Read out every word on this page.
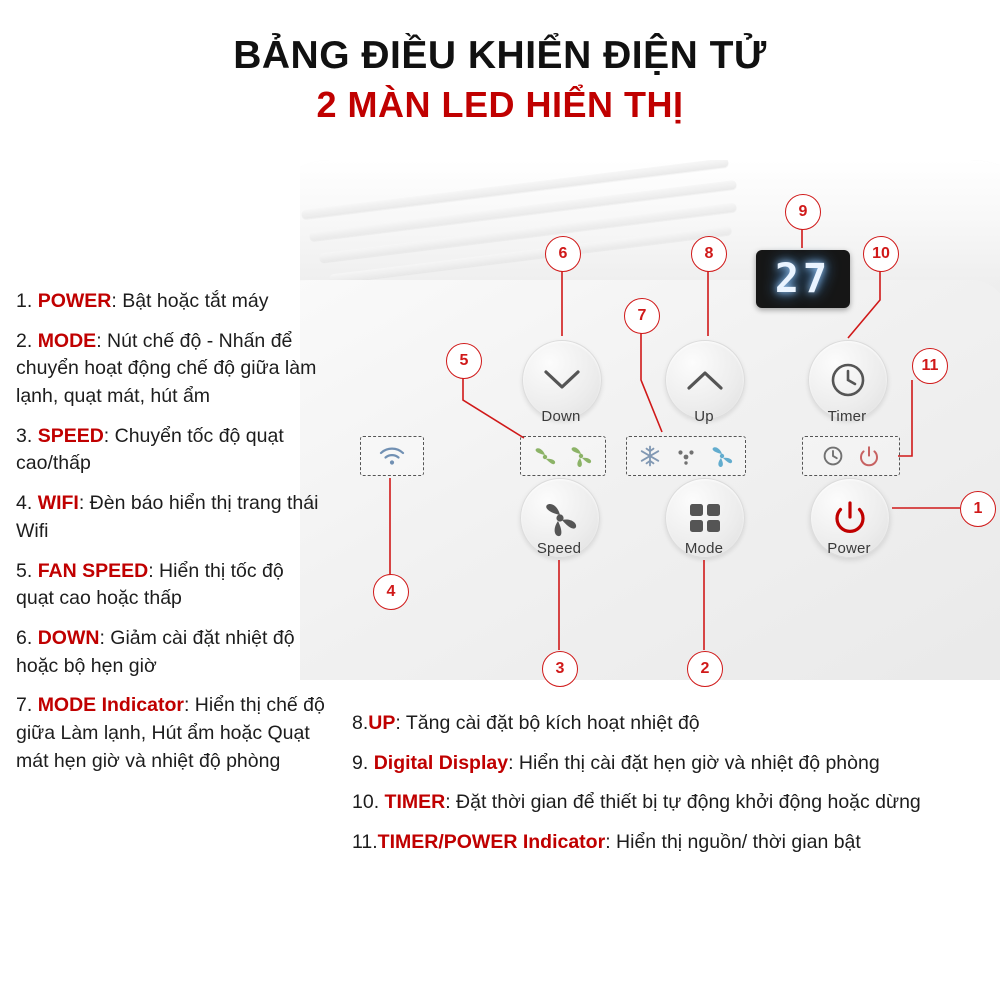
BẢNG ĐIỀU KHIỂN ĐIỆN TỬ
2 MÀN LED HIỂN THỊ
27
Down	Up	Timer
Speed	Mode	Power
9
6	8	10
7
5	11
1
4
3	2

1. POWER: Bật hoặc tắt máy

2. MODE: Nút chế độ - Nhấn để chuyển hoạt động chế độ giữa làm lạnh, quạt mát, hút ẩm

3. SPEED: Chuyển tốc độ quạt cao/thấp

4. WIFI: Đèn báo hiển thị trang thái Wifi

5. FAN SPEED: Hiển thị tốc độ quạt cao hoặc thấp

6. DOWN: Giảm cài đặt nhiệt độ hoặc bộ hẹn giờ

7. MODE Indicator: Hiển thị chế độ giữa Làm lạnh, Hút ẩm hoặc Quạt mát hẹn giờ và nhiệt độ phòng

8.UP: Tăng cài đặt bộ kích hoạt nhiệt độ

9. Digital Display: Hiển thị cài đặt hẹn giờ và nhiệt độ phòng

10. TIMER: Đặt thời gian để thiết bị tự động khởi động hoặc dừng

11.TIMER/POWER Indicator: Hiển thị nguồn/ thời gian bật
